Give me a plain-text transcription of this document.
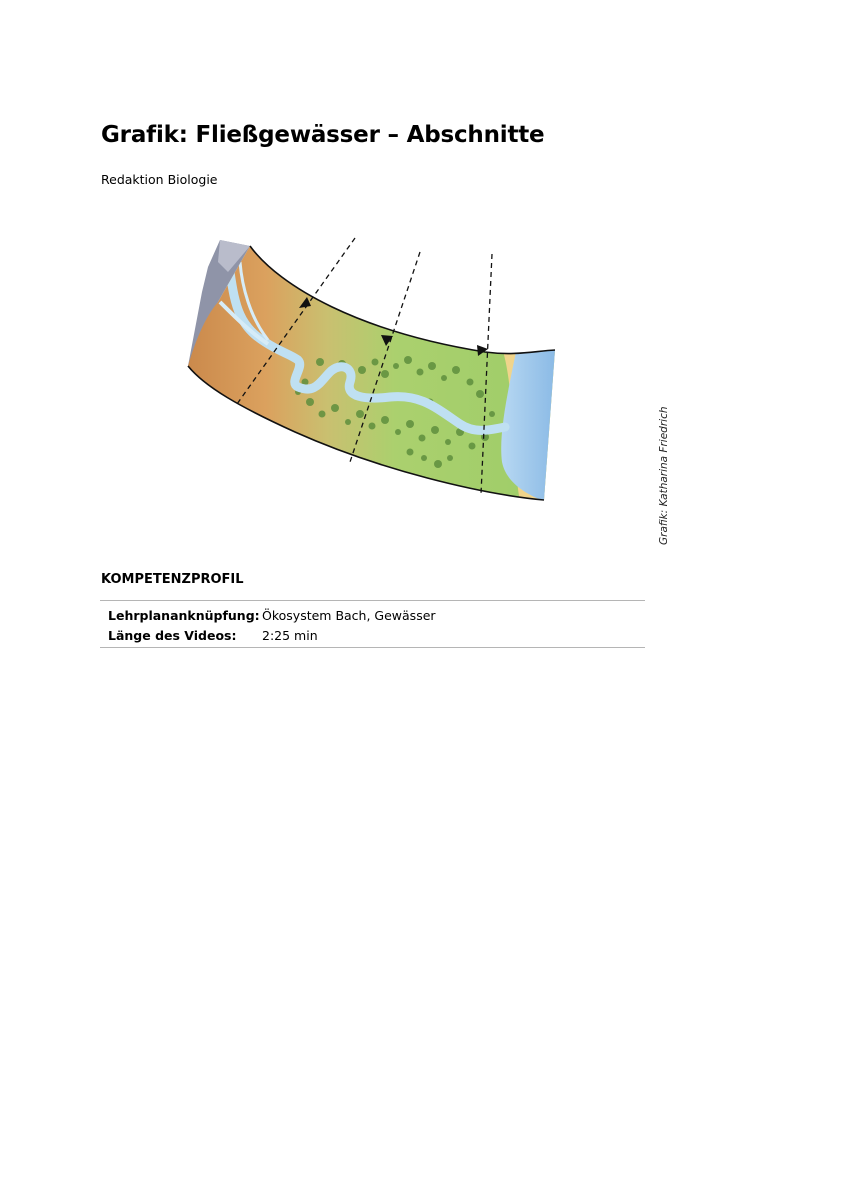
Grafik: Fließgewässer – Abschnitte
Redaktion Biologie
Grafik: Katharina Friedrich
KOMPETENZPROFIL
Lehrplananknüpfung: Ökosystem Bach, Gewässer
Länge des Videos:	2:25 min
